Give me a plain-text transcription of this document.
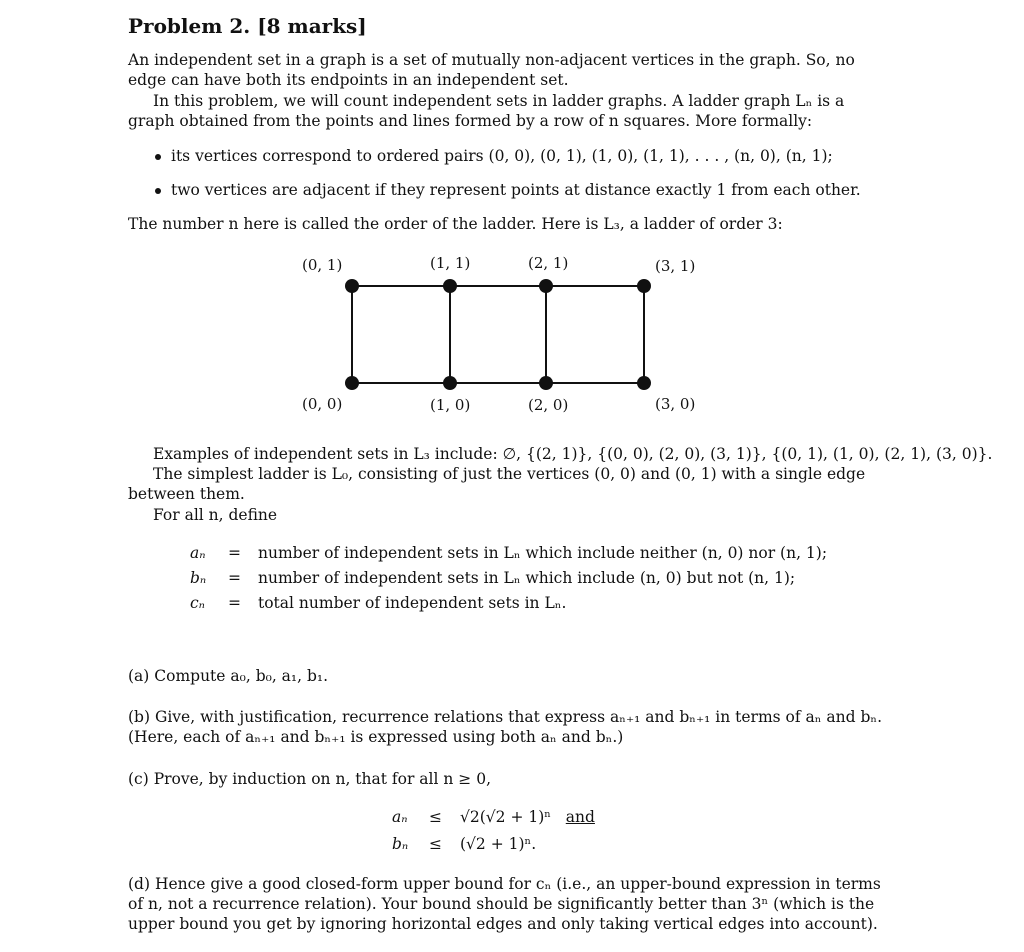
Problem 2. [8 marks]

An independent set in a graph is a set of mutually non-adjacent vertices in the graph. So, no edge can have both its endpoints in an independent set.

In this problem, we will count independent sets in ladder graphs. A ladder graph Lₙ is a graph obtained from the points and lines formed by a row of n squares. More formally:

its vertices correspond to ordered pairs (0, 0), (0, 1), (1, 0), (1, 1), . . . , (n, 0), (n, 1);
two vertices are adjacent if they represent points at distance exactly 1 from each other.

The number n here is called the order of the ladder. Here is L₃, a ladder of order 3:

(0, 1)	(1, 1)	(2, 1)	(3, 1)
(0, 0)	(1, 0)	(2, 0)	(3, 0)

Examples of independent sets in L₃ include: ∅, {(2, 1)}, {(0, 0), (2, 0), (3, 1)}, {(0, 1), (1, 0), (2, 1), (3, 0)}.

The simplest ladder is L₀, consisting of just the vertices (0, 0) and (0, 1) with a single edge between them.

For all n, define

aₙ = number of independent sets in Lₙ which include neither (n, 0) nor (n, 1);
bₙ = number of independent sets in Lₙ which include (n, 0) but not (n, 1);
cₙ	= total number of independent sets in Lₙ.

(a) Compute a₀, b₀, a₁, b₁.

(b) Give, with justification, recurrence relations that express aₙ₊₁ and bₙ₊₁ in terms of aₙ and bₙ. (Here, each of aₙ₊₁ and bₙ₊₁ is expressed using both aₙ and bₙ.)

(c) Prove, by induction on n, that for all n ≥ 0,

aₙ ≤ √2(√2 + 1)ⁿ and
bₙ ≤ (√2 + 1)ⁿ.

(d) Hence give a good closed-form upper bound for cₙ (i.e., an upper-bound expression in terms of n, not a recurrence relation). Your bound should be significantly better than 3ⁿ (which is the upper bound you get by ignoring horizontal edges and only taking vertical edges into account).
